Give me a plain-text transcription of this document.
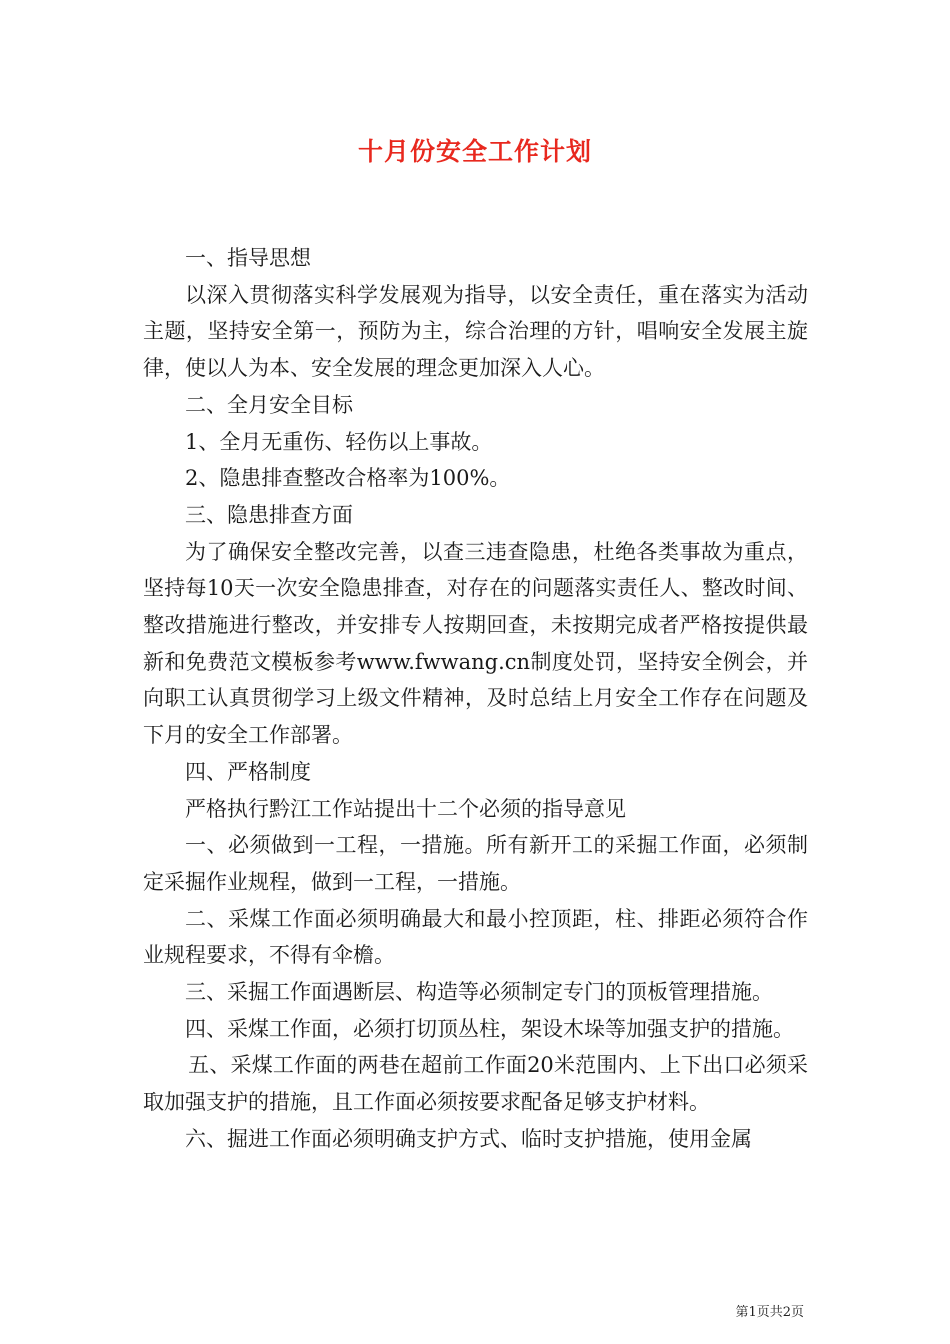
十月份安全工作计划

一、指导思想

以深入贯彻落实科学发展观为指导，以安全责任，重在落实为活动主题，坚持安全第一，预防为主，综合治理的方针，唱响安全发展主旋律，使以人为本、安全发展的理念更加深入人心。

二、全月安全目标

1、全月无重伤、轻伤以上事故。

2、隐患排查整改合格率为100%。

三、隐患排查方面

为了确保安全整改完善，以查三违查隐患，杜绝各类事故为重点，坚持每10天一次安全隐患排查，对存在的问题落实责任人、整改时间、整改措施进行整改，并安排专人按期回查，未按期完成者严格按提供最新和免费范文模板参考www.fwwang.cn制度处罚，坚持安全例会，并向职工认真贯彻学习上级文件精神，及时总结上月安全工作存在问题及下月的安全工作部署。

四、严格制度

严格执行黔江工作站提出十二个必须的指导意见

一、必须做到一工程，一措施。所有新开工的采掘工作面，必须制定采掘作业规程，做到一工程，一措施。

二、采煤工作面必须明确最大和最小控顶距，柱、排距必须符合作业规程要求，不得有伞檐。

三、采掘工作面遇断层、构造等必须制定专门的顶板管理措施。

四、采煤工作面，必须打切顶丛柱，架设木垛等加强支护的措施。

五、采煤工作面的两巷在超前工作面20米范围内、上下出口必须采取加强支护的措施，且工作面必须按要求配备足够支护材料。

六、掘进工作面必须明确支护方式、临时支护措施，使用金属

第1页共2页
